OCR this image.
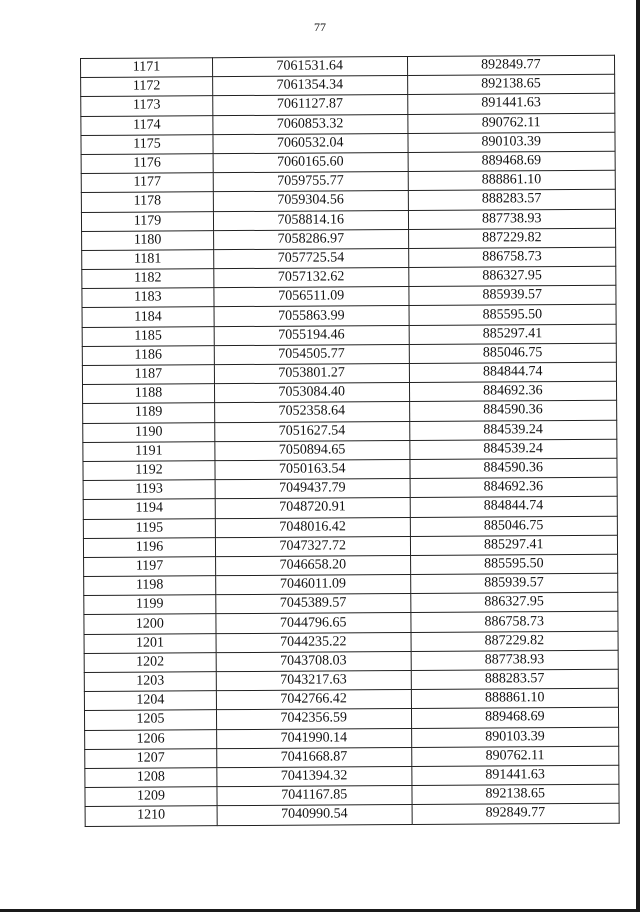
77
1171	7061531.64	892849.77
1172	7061354.34	892138.65
1173	7061127.87	891441.63
1174	7060853.32	890762.11
1175	7060532.04	890103.39
1176	7060165.60	889468.69
1177	7059755.77	888861.10
1178	7059304.56	888283.57
1179	7058814.16	887738.93
1180	7058286.97	887229.82
1181	7057725.54	886758.73
1182	7057132.62	886327.95
1183	7056511.09	885939.57
1184	7055863.99	885595.50
1185	7055194.46	885297.41
1186	7054505.77	885046.75
1187	7053801.27	884844.74
1188	7053084.40	884692.36
1189	7052358.64	884590.36
1190	7051627.54	884539.24
1191	7050894.65	884539.24
1192	7050163.54	884590.36
1193	7049437.79	884692.36
1194	7048720.91	884844.74
1195	7048016.42	885046.75
1196	7047327.72	885297.41
1197	7046658.20	885595.50
1198	7046011.09	885939.57
1199	7045389.57	886327.95
1200	7044796.65	886758.73
1201	7044235.22	887229.82
1202	7043708.03	887738.93
1203	7043217.63	888283.57
1204	7042766.42	888861.10
1205	7042356.59	889468.69
1206	7041990.14	890103.39
1207	7041668.87	890762.11
1208	7041394.32	891441.63
1209	7041167.85	892138.65
1210	7040990.54	892849.77
